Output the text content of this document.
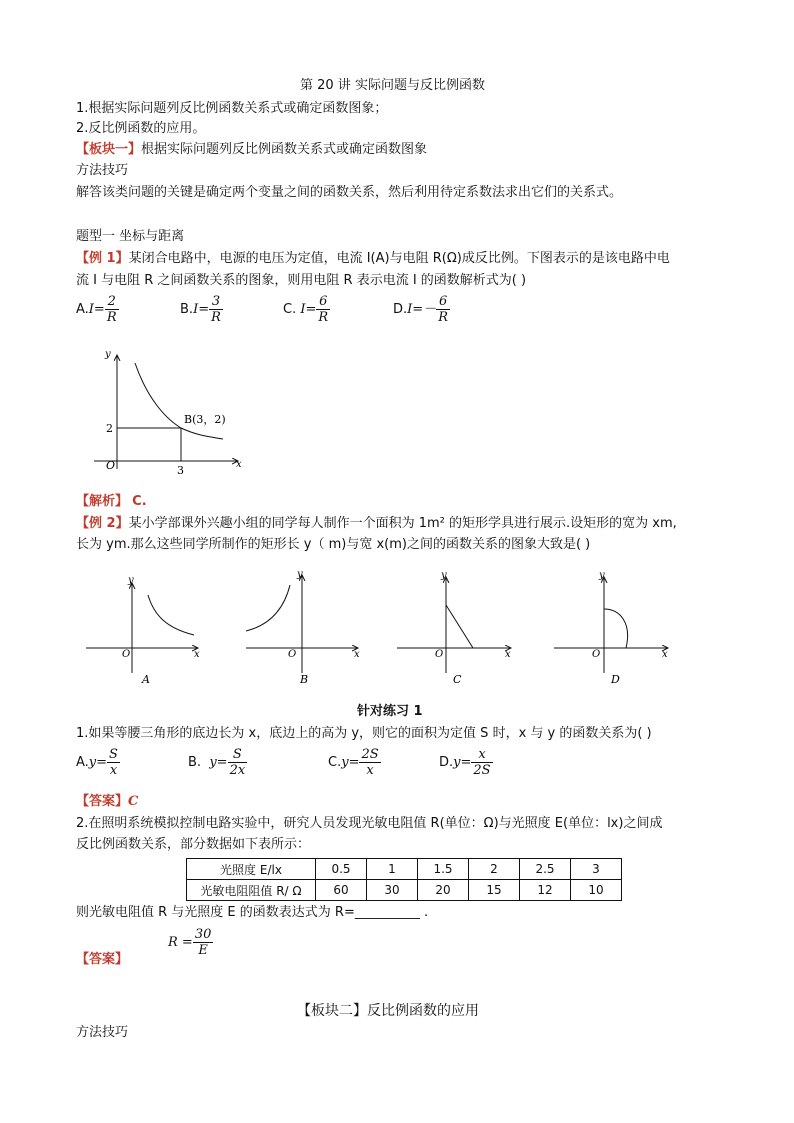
第 20 讲 实际问题与反比例函数
1.根据实际问题列反比例函数关系式或确定函数图象；
2.反比例函数的应用。
【板块一】根据实际问题列反比例函数关系式或确定函数图象
方法技巧
解答该类问题的关键是确定两个变量之间的函数关系，然后利用待定系数法求出它们的关系式。
题型一 坐标与距离
【例 1】某闭合电路中，电源的电压为定值，电流 I(A)与电阻 R(Ω)成反比例。下图表示的是该电路中电
流 I 与电阻 R 之间函数关系的图象，则用电阻 R 表示电流 I 的函数解析式为( )
$A.I= \frac{2}{R}$	$B.I= \frac{3}{R}$	C. $I= \frac{6}{R}$	$D.I=- \frac{6}{R}$
y
x
O
B(3，2)
3
2
【解析】 C.
【例 2】某小学部课外兴趣小组的同学每人制作一个面积为 1m² 的矩形学具进行展示.设矩形的宽为 xm,
长为 ym.那么这些同学所制作的矩形长 y（ m)与宽 x(m)之间的函数关系的图象大致是( )
y
x
O
A
y
x
O
B
y
x
O
C
y
x
O
D
针对练习 1
1.如果等腰三角形的底边长为 x，底边上的高为 y，则它的面积为定值 S 时，x 与 y 的函数关系为( )
$A.y= \frac{S}{x}$	B. $y= \frac{S}{2x}$	$C.y= \frac{2S}{x}$	$D.y= \frac{x}{2S}$
【答案】C
2.在照明系统模拟控制电路实验中，研究人员发现光敏电阻值 R(单位：Ω)与光照度 E(单位：lx)之间成
反比例函数关系，部分数据如下表所示：
光照度 E/lx	0.5	1	1.5	2	2.5	3
光敏电阻阻值 R/ Ω	60	30	20	15	12	10
则光敏电阻值 R 与光照度 E 的函数表达式为 R=__________ .
$R = \frac{30}{E}$
【答案】
【板块二】反比例函数的应用
方法技巧
